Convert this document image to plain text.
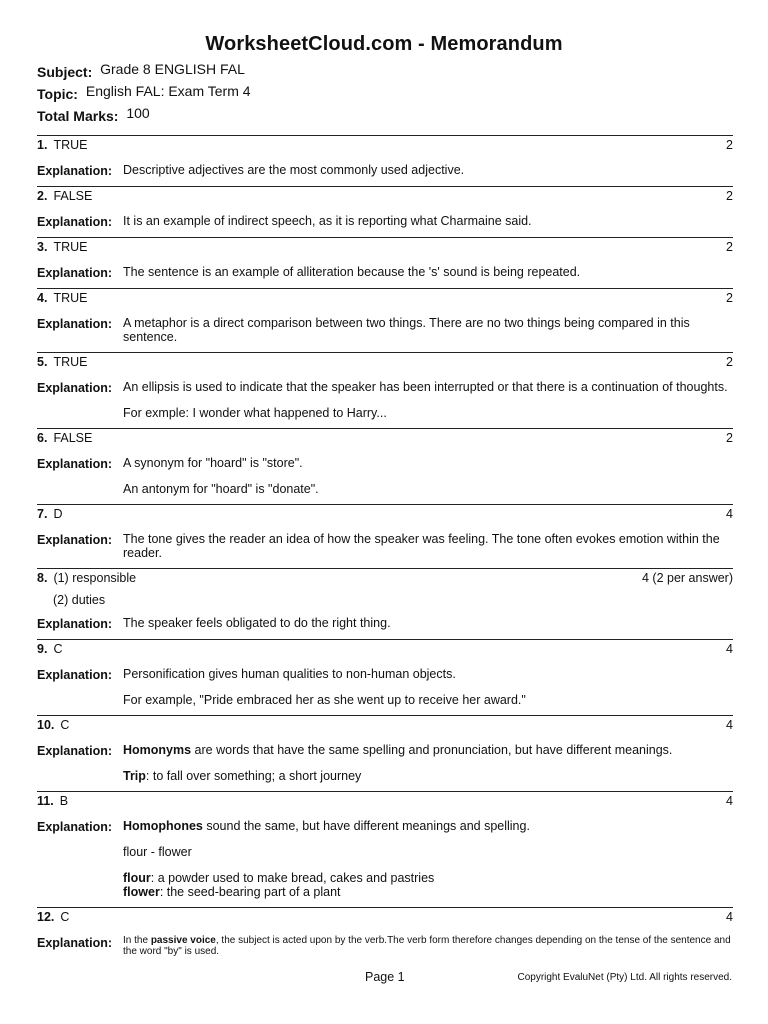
WorksheetCloud.com - Memorandum
Subject: Grade 8 ENGLISH FAL
Topic: English FAL: Exam Term 4
Total Marks: 100
1. TRUE	2
Explanation: Descriptive adjectives are the most commonly used adjective.

2. FALSE	2
Explanation: It is an example of indirect speech, as it is reporting what Charmaine said.

3. TRUE	2
Explanation: The sentence is an example of alliteration because the 's' sound is being repeated.

4. TRUE	2
Explanation: A metaphor is a direct comparison between two things. There are no two things being compared in this sentence.

5. TRUE	2
Explanation: An ellipsis is used to indicate that the speaker has been interrupted or that there is a continuation of thoughts.

For exmple: I wonder what happened to Harry...

6. FALSE	2
Explanation: A synonym for "hoard" is "store".

An antonym for "hoard" is "donate".

7. D	4
Explanation: The tone gives the reader an idea of how the speaker was feeling. The tone often evokes emotion within the reader.

8. (1) responsible	4 (2 per answer)
(2) duties
Explanation: The speaker feels obligated to do the right thing.

9. C	4
Explanation: Personification gives human qualities to non-human objects.

For example, "Pride embraced her as she went up to receive her award."

10. C	4
Explanation: Homonyms are words that have the same spelling and pronunciation, but have different meanings.

Trip: to fall over something; a short journey

11. B	4
Explanation: Homophones sound the same, but have different meanings and spelling.

flour - flower

flour: a powder used to make bread, cakes and pastries

flower: the seed-bearing part of a plant

12. C	4
Explanation:	In the passive voice, the subject is acted upon by the verb.The verb form therefore changes depending on the tense of the sentence and the word "by" is used.

Page 1	Copyright EvaluNet (Pty) Ltd. All rights reserved.
